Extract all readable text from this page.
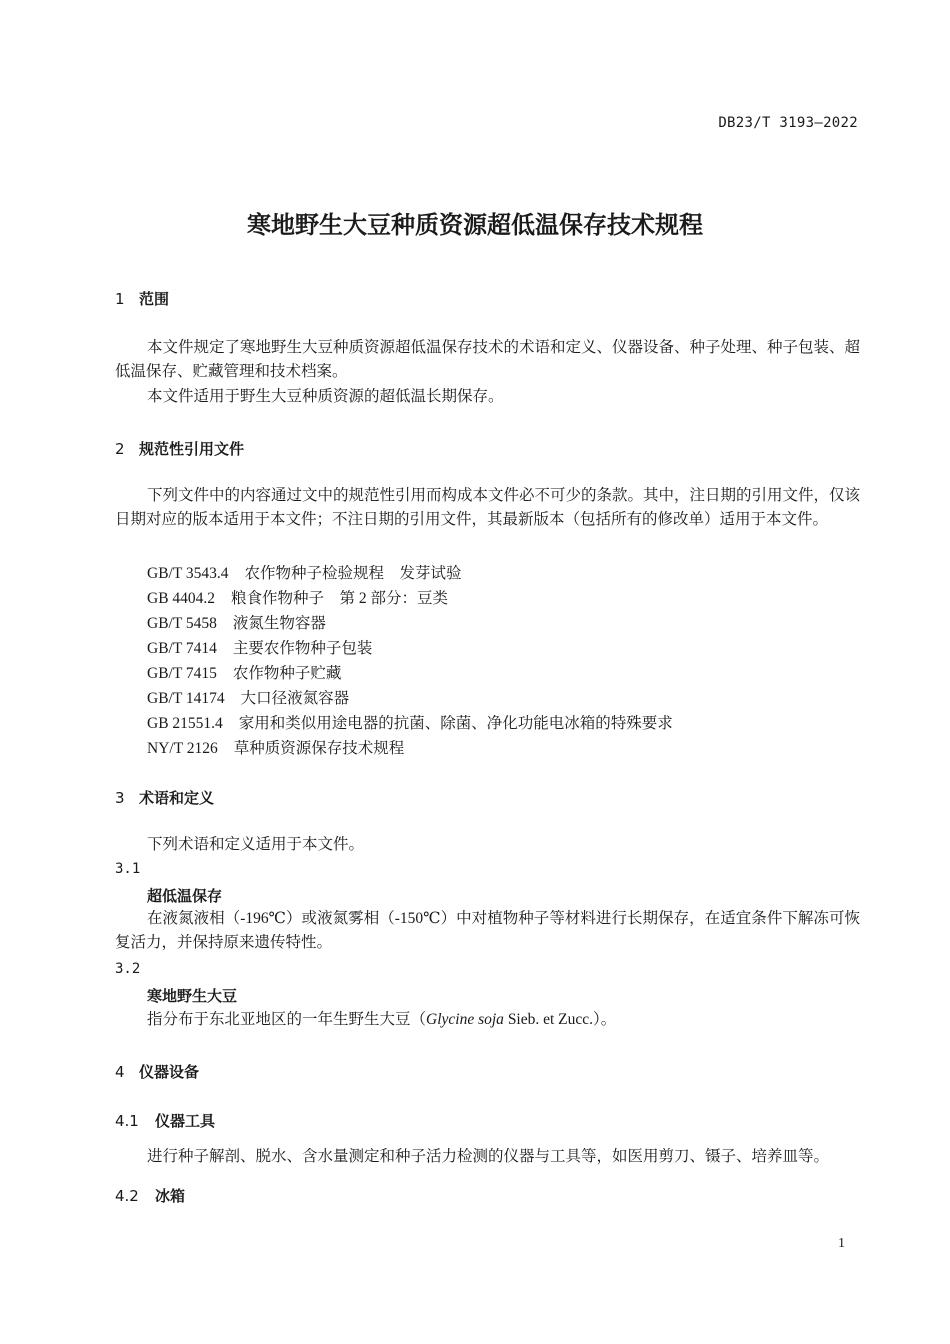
DB23/T 3193—2022
寒地野生大豆种质资源超低温保存技术规程
1 范围
本文件规定了寒地野生大豆种质资源超低温保存技术的术语和定义、仪器设备、种子处理、种子包装、超低温保存、贮藏管理和技术档案。
本文件适用于野生大豆种质资源的超低温长期保存。
2 规范性引用文件
下列文件中的内容通过文中的规范性引用而构成本文件必不可少的条款。其中，注日期的引用文件，仅该日期对应的版本适用于本文件；不注日期的引用文件，其最新版本（包括所有的修改单）适用于本文件。
GB/T 3543.4 农作物种子检验规程　发芽试验
GB 4404.2 粮食作物种子　第 2 部分：豆类
GB/T 5458 液氮生物容器
GB/T 7414 主要农作物种子包装
GB/T 7415 农作物种子贮藏
GB/T 14174 大口径液氮容器
GB 21551.4 家用和类似用途电器的抗菌、除菌、净化功能电冰箱的特殊要求
NY/T 2126 草种质资源保存技术规程
3 术语和定义
下列术语和定义适用于本文件。
3.1
超低温保存
在液氮液相（-196℃）或液氮雾相（-150℃）中对植物种子等材料进行长期保存，在适宜条件下解冻可恢复活力，并保持原来遗传特性。
3.2
寒地野生大豆
指分布于东北亚地区的一年生野生大豆（Glycine soja Sieb. et Zucc.）。
4 仪器设备
4.1 仪器工具
进行种子解剖、脱水、含水量测定和种子活力检测的仪器与工具等，如医用剪刀、镊子、培养皿等。
4.2 冰箱
1
